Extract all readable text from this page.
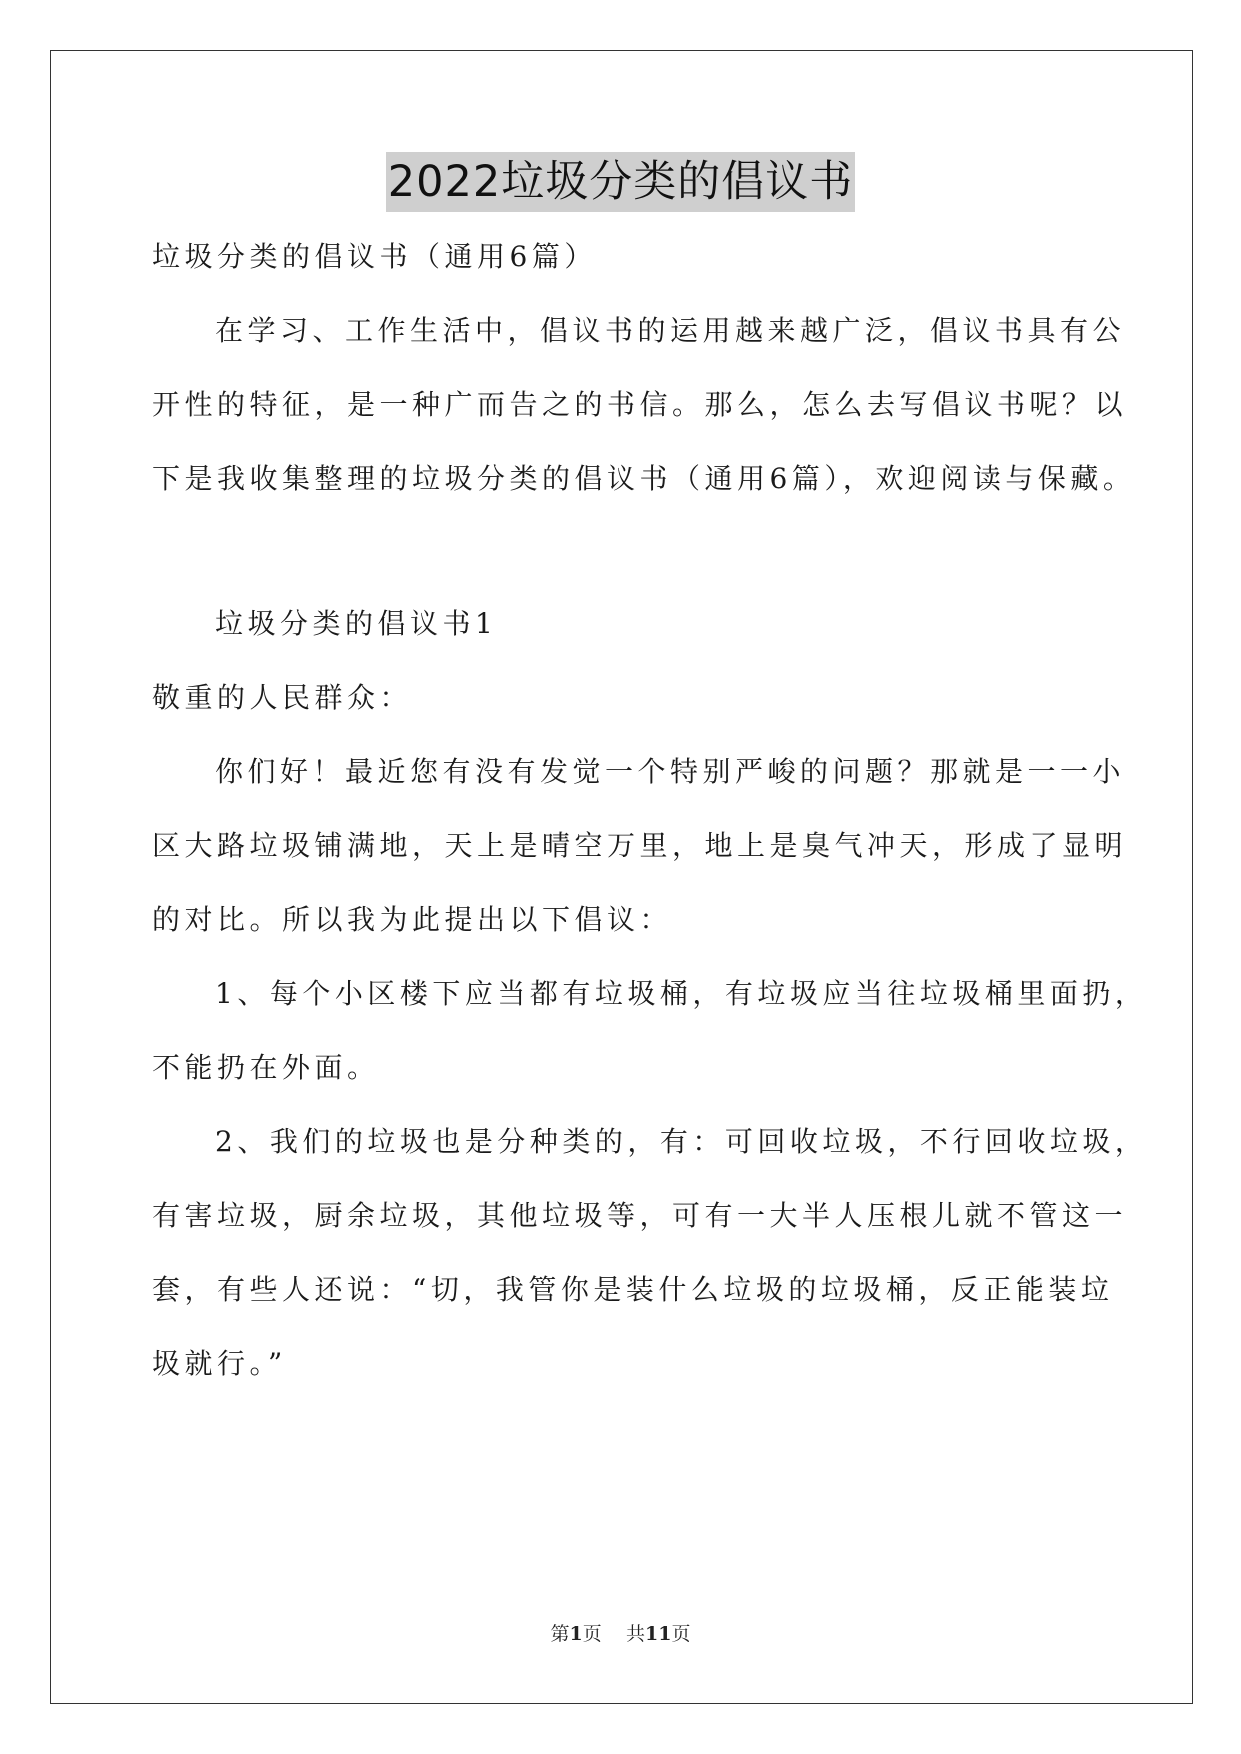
2022垃圾分类的倡议书
垃圾分类的倡议书（通用6篇）
在学习、工作生活中，倡议书的运用越来越广泛，倡议书具有公
开性的特征，是一种广而告之的书信。那么，怎么去写倡议书呢？以
下是我收集整理的垃圾分类的倡议书（通用6篇），欢迎阅读与保藏。
垃圾分类的倡议书1
敬重的人民群众：
你们好！最近您有没有发觉一个特别严峻的问题？那就是一一小
区大路垃圾铺满地，天上是晴空万里，地上是臭气冲天，形成了显明
的对比。所以我为此提出以下倡议：
1、每个小区楼下应当都有垃圾桶，有垃圾应当往垃圾桶里面扔，
不能扔在外面。
2、我们的垃圾也是分种类的，有：可回收垃圾，不行回收垃圾，
有害垃圾，厨余垃圾，其他垃圾等，可有一大半人压根儿就不管这一
套，有些人还说：“切，我管你是装什么垃圾的垃圾桶，反正能装垃
圾就行。”
第1页 共11页
